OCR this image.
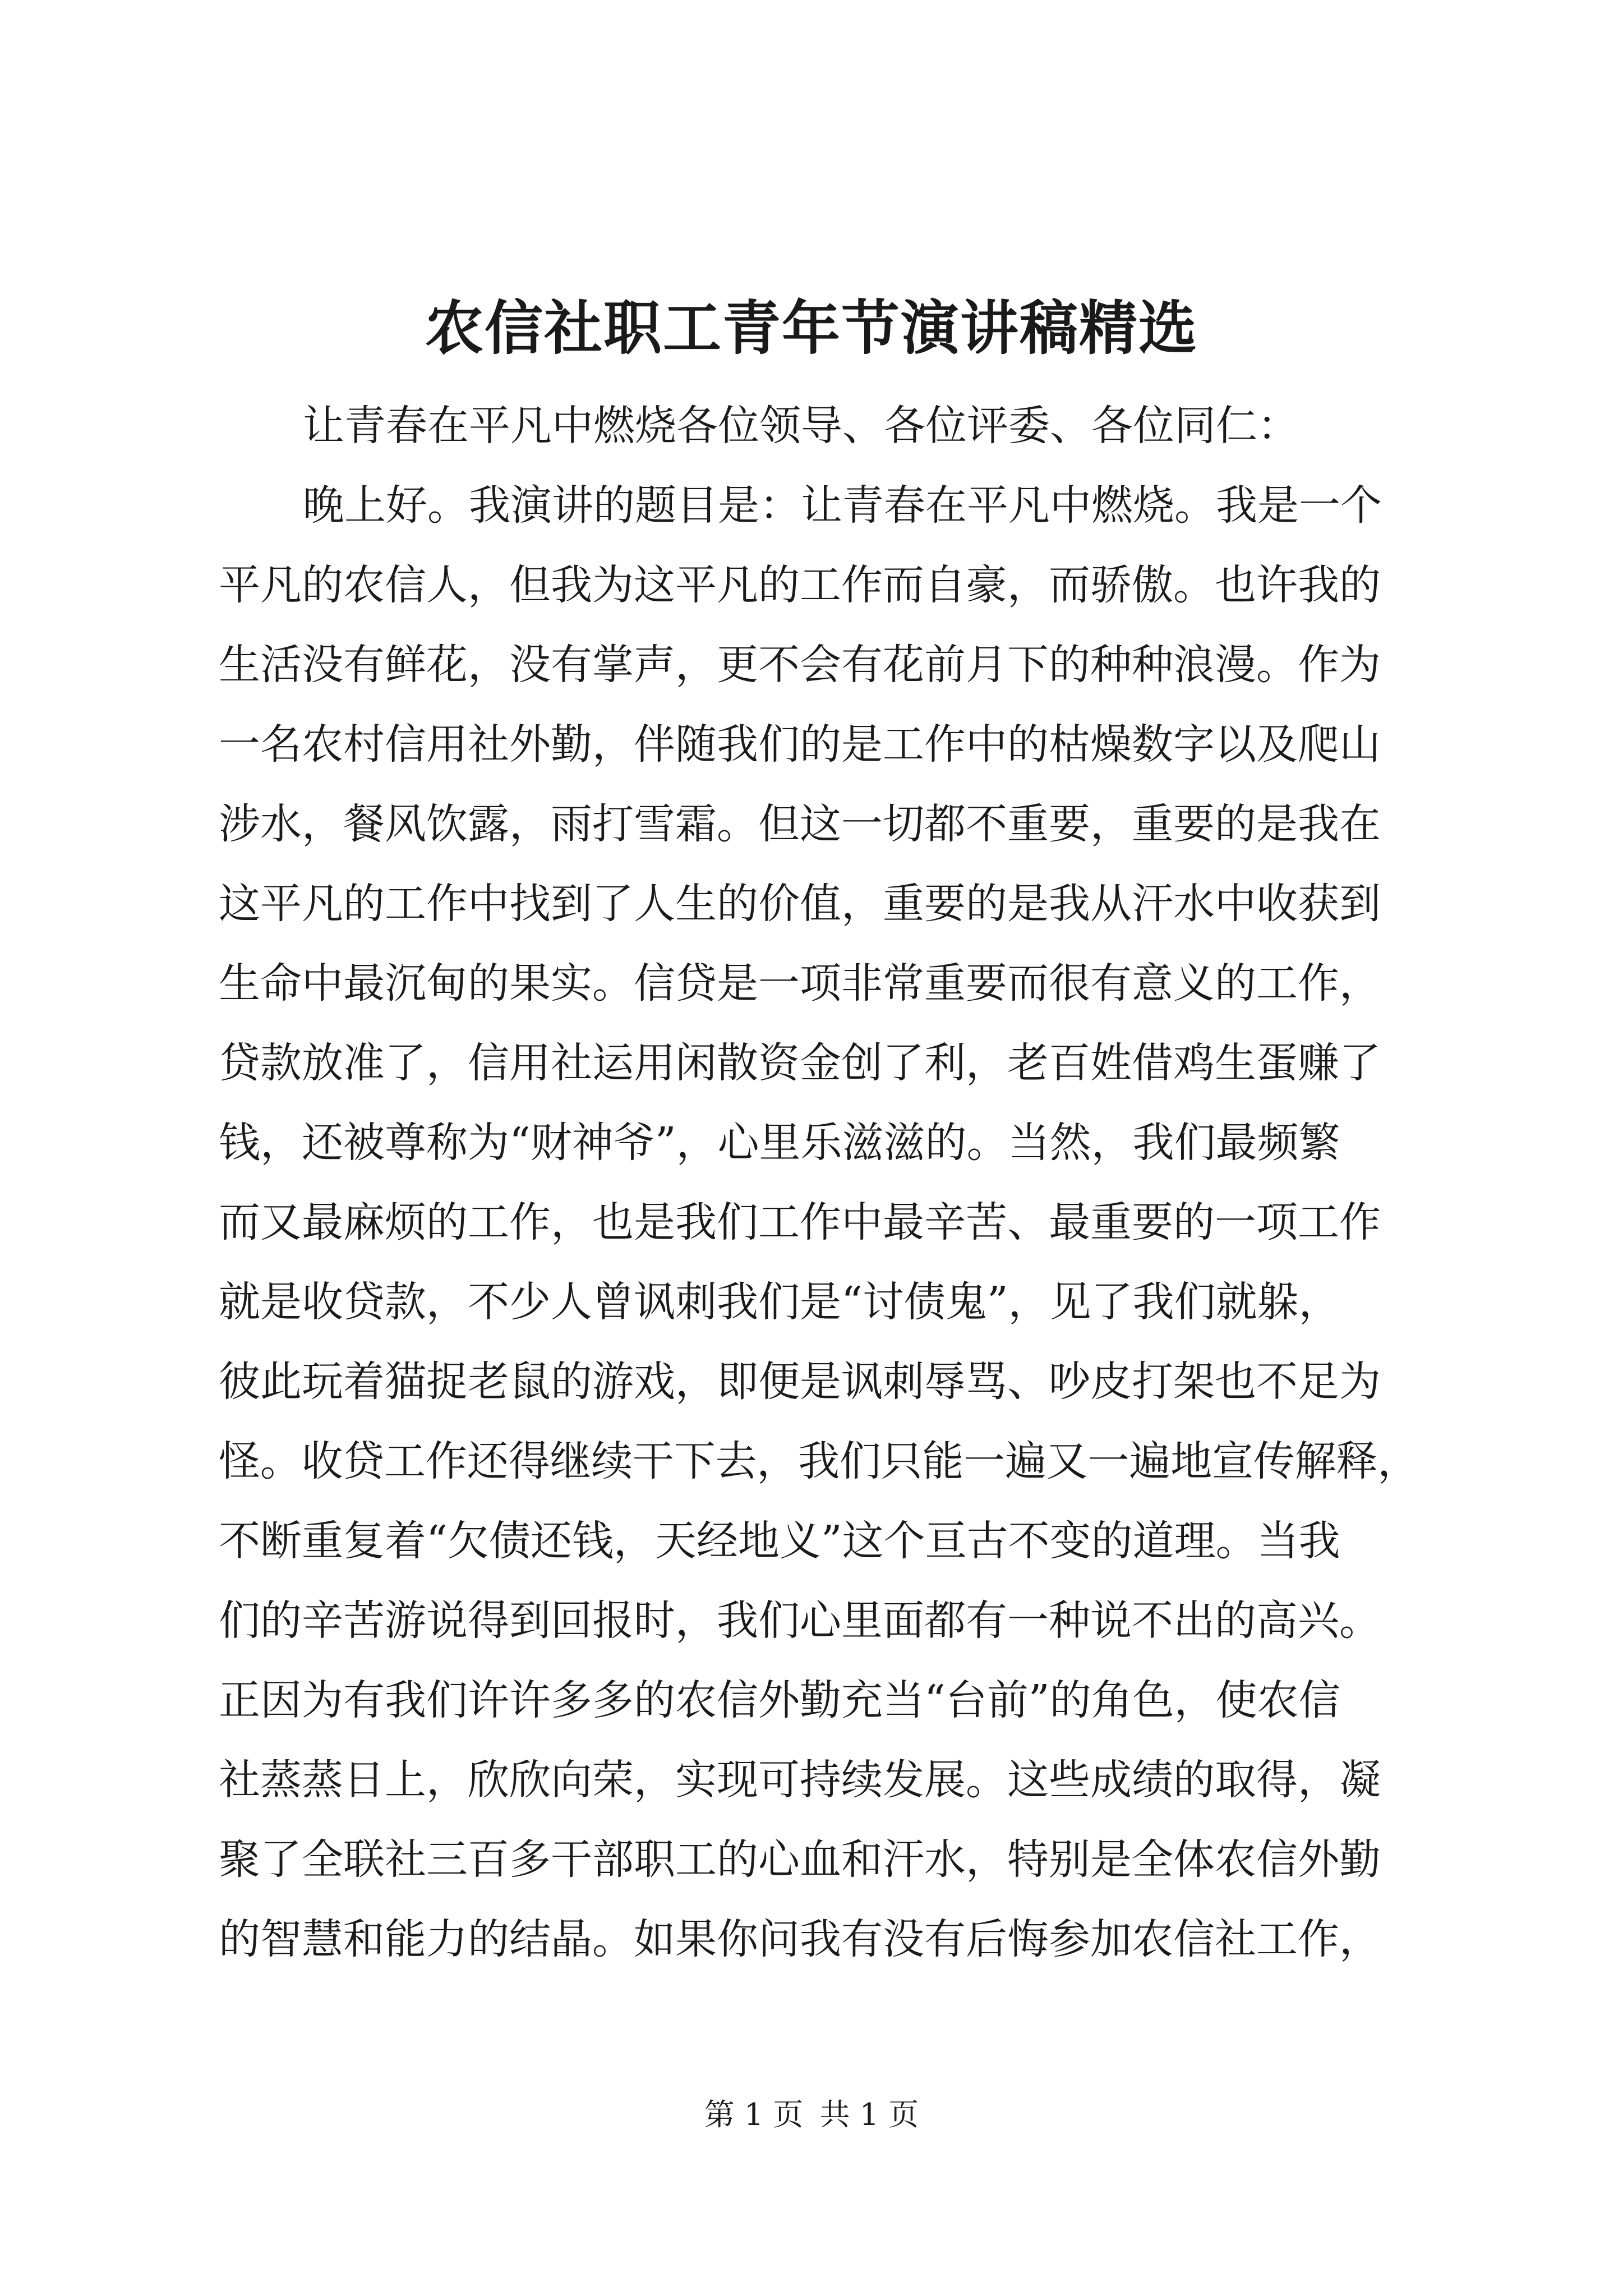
农信社职工青年节演讲稿精选
让青春在平凡中燃烧各位领导、各位评委、各位同仁：
晚上好。我演讲的题目是：让青春在平凡中燃烧。我是一个
平凡的农信人，但我为这平凡的工作而自豪，而骄傲。也许我的
生活没有鲜花，没有掌声，更不会有花前月下的种种浪漫。作为
一名农村信用社外勤，伴随我们的是工作中的枯燥数字以及爬山
涉水，餐风饮露，雨打雪霜。但这一切都不重要，重要的是我在
这平凡的工作中找到了人生的价值，重要的是我从汗水中收获到
生命中最沉甸的果实。信贷是一项非常重要而很有意义的工作，
贷款放准了，信用社运用闲散资金创了利，老百姓借鸡生蛋赚了
钱，还被尊称为“财神爷”，心里乐滋滋的。当然，我们最频繁
而又最麻烦的工作，也是我们工作中最辛苦、最重要的一项工作
就是收贷款，不少人曾讽刺我们是“讨债鬼”，见了我们就躲，
彼此玩着猫捉老鼠的游戏，即便是讽刺辱骂、吵皮打架也不足为
怪。收贷工作还得继续干下去，我们只能一遍又一遍地宣传解释，
不断重复着“欠债还钱，天经地义”这个亘古不变的道理。当我
们的辛苦游说得到回报时，我们心里面都有一种说不出的高兴。
正因为有我们许许多多的农信外勤充当“台前”的角色，使农信
社蒸蒸日上，欣欣向荣，实现可持续发展。这些成绩的取得，凝
聚了全联社三百多干部职工的心血和汗水，特别是全体农信外勤
的智慧和能力的结晶。如果你问我有没有后悔参加农信社工作，
第 1 页 共 1 页
